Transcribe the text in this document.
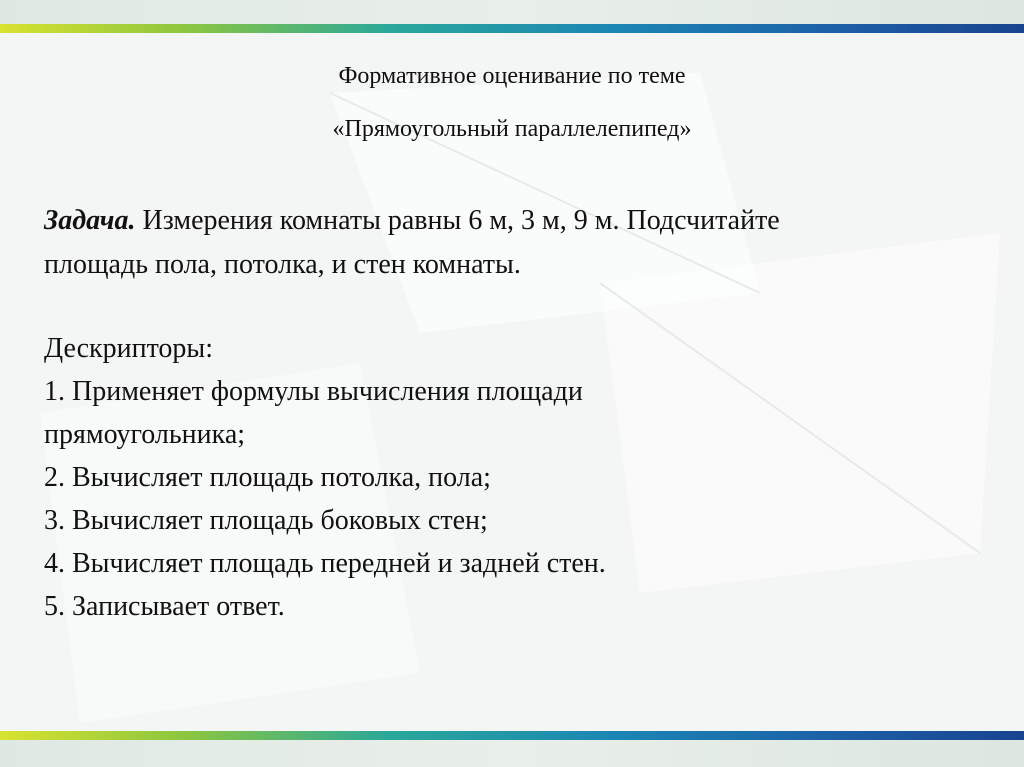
Формативное оценивание по теме
«Прямоугольный параллелепипед»
Задача. Измерения комнаты равны 6 м, 3 м, 9 м. Подсчитайте
площадь пола, потолка, и стен комнаты.
Дескрипторы:
1. Применяет формулы вычисления площади
прямоугольника;
2. Вычисляет площадь потолка, пола;
3. Вычисляет площадь боковых стен;
4. Вычисляет площадь передней и задней стен.
5. Записывает ответ.
